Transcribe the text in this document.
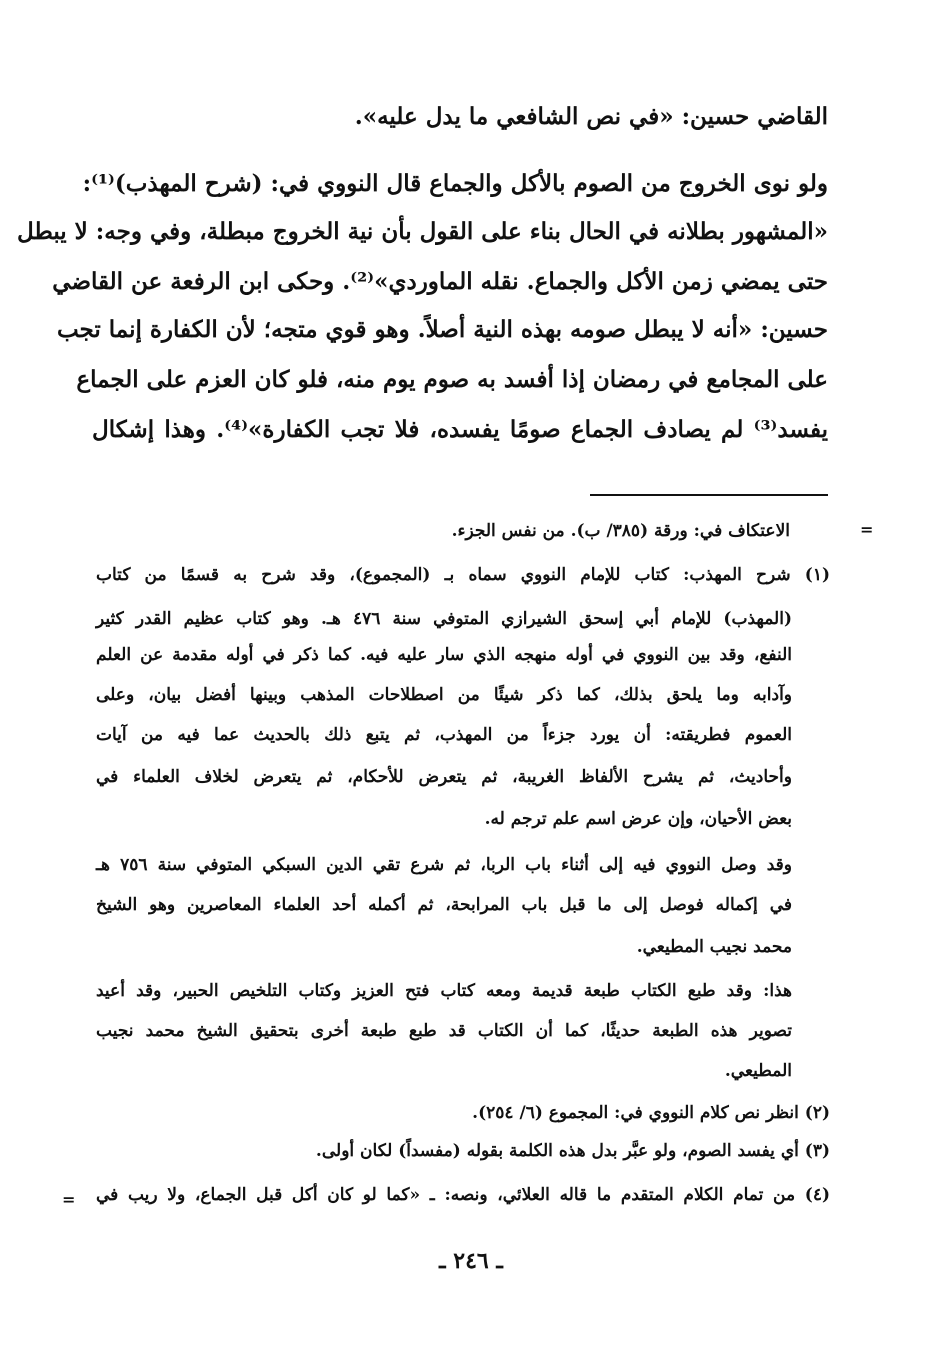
القاضي حسين: «في نص الشافعي ما يدل عليه».
ولو نوى الخروج من الصوم بالأكل والجماع قال النووي في: (شرح المهذب)⁽¹⁾:
«المشهور بطلانه في الحال بناء على القول بأن نية الخروج مبطلة، وفي وجه: لا يبطل
حتى يمضي زمن الأكل والجماع. نقله الماوردي»⁽²⁾. وحكى ابن الرفعة عن القاضي
حسين: «أنه لا يبطل صومه بهذه النية أصلاً. وهو قوي متجه؛ لأن الكفارة إنما تجب
على المجامع في رمضان إذا أفسد به صوم يوم منه، فلو كان العزم على الجماع
يفسد⁽³⁾ لم يصادف الجماع صومًا يفسده، فلا تجب الكفارة»⁽⁴⁾. وهذا إشكال
الاعتكاف في: ورقة (٣٨٥/ ب). من نفس الجزء.
(١) شرح المهذب: كتاب للإمام النووي سماه بـ (المجموع)، وقد شرح به قسمًا من كتاب
(المهذب) للإمام أبي إسحق الشيرازي المتوفي سنة ٤٧٦ هـ. وهو كتاب عظيم القدر كثير
النفع، وقد بين النووي في أوله منهجه الذي سار عليه فيه. كما ذكر في أوله مقدمة عن العلم
وآدابه وما يلحق بذلك، كما ذكر شيئًا من اصطلاحات المذهب وبينها أفضل بيان، وعلى
العموم فطريقته: أن يورد جزءاً من المهذب، ثم يتبع ذلك بالحديث عما فيه من آيات
وأحاديث، ثم يشرح الألفاظ الغريبة، ثم يتعرض للأحكام، ثم يتعرض لخلاف العلماء في
بعض الأحيان، وإن عرض اسم علم ترجم له.
وقد وصل النووي فيه إلى أثناء باب الربا، ثم شرع تقي الدين السبكي المتوفي سنة ٧٥٦ هـ
في إكماله فوصل إلى ما قبل باب المرابحة، ثم أكمله أحد العلماء المعاصرين وهو الشيخ
محمد نجيب المطيعي.
هذا: وقد طبع الكتاب طبعة قديمة ومعه كتاب فتح العزيز وكتاب التلخيص الحبير، وقد أعيد
تصوير هذه الطبعة حديثًا، كما أن الكتاب قد طبع طبعة أخرى بتحقيق الشيخ محمد نجيب
المطيعي.
(٢) انظر نص كلام النووي في: المجموع (٦/ ٢٥٤).
(٣) أي يفسد الصوم، ولو عبَّر بدل هذه الكلمة بقوله (مفسداً) لكان أولى.
(٤) من تمام الكلام المتقدم ما قاله العلائي، ونصه: ـ «كما لو كان أكل قبل الجماع، ولا ريب في
=
=
ـ ٢٤٦ ـ
